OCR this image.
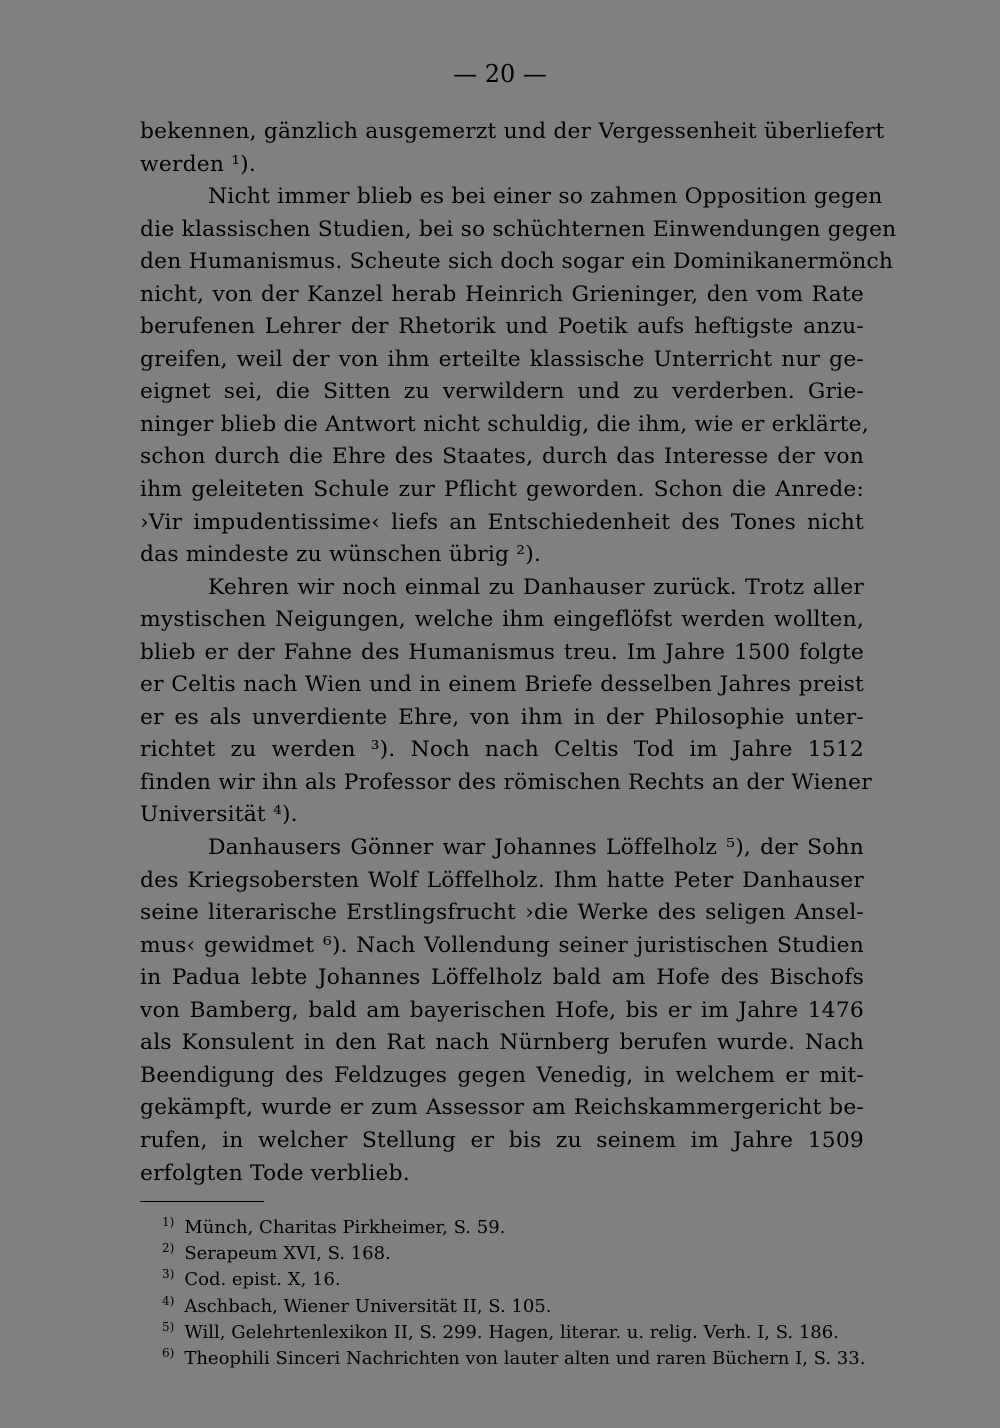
— 20 —
bekennen, gänzlich ausgemerzt und der Vergessenheit überliefert
werden ¹).
Nicht immer blieb es bei einer so zahmen Opposition gegen
die klassischen Studien, bei so schüchternen Einwendungen gegen
den Humanismus. Scheute sich doch sogar ein Dominikanermönch
nicht, von der Kanzel herab Heinrich Grieninger, den vom Rate
berufenen Lehrer der Rhetorik und Poetik aufs heftigste anzu-
greifen, weil der von ihm erteilte klassische Unterricht nur ge-
eignet sei, die Sitten zu verwildern und zu verderben. Grie-
ninger blieb die Antwort nicht schuldig, die ihm, wie er erklärte,
schon durch die Ehre des Staates, durch das Interesse der von
ihm geleiteten Schule zur Pflicht geworden. Schon die Anrede:
›Vir impudentissime‹ liefs an Entschiedenheit des Tones nicht
das mindeste zu wünschen übrig ²).
Kehren wir noch einmal zu Danhauser zurück. Trotz aller
mystischen Neigungen, welche ihm eingeflöfst werden wollten,
blieb er der Fahne des Humanismus treu. Im Jahre 1500 folgte
er Celtis nach Wien und in einem Briefe desselben Jahres preist
er es als unverdiente Ehre, von ihm in der Philosophie unter-
richtet zu werden ³). Noch nach Celtis Tod im Jahre 1512
finden wir ihn als Professor des römischen Rechts an der Wiener
Universität ⁴).
Danhausers Gönner war Johannes Löffelholz ⁵), der Sohn
des Kriegsobersten Wolf Löffelholz. Ihm hatte Peter Danhauser
seine literarische Erstlingsfrucht ›die Werke des seligen Ansel-
mus‹ gewidmet ⁶). Nach Vollendung seiner juristischen Studien
in Padua lebte Johannes Löffelholz bald am Hofe des Bischofs
von Bamberg, bald am bayerischen Hofe, bis er im Jahre 1476
als Konsulent in den Rat nach Nürnberg berufen wurde. Nach
Beendigung des Feldzuges gegen Venedig, in welchem er mit-
gekämpft, wurde er zum Assessor am Reichskammergericht be-
rufen, in welcher Stellung er bis zu seinem im Jahre 1509
erfolgten Tode verblieb.
$^{1)}$ Münch, Charitas Pirkheimer, S. 59.
$^{2)}$ Serapeum XVI, S. 168.
$^{3)}$ Cod. epist. X, 16.
$^{4)}$ Aschbach, Wiener Universität II, S. 105.
$^{5)}$ Will, Gelehrtenlexikon II, S. 299. Hagen, literar. u. relig. Verh. I, S. 186.
$^{6)}$ Theophili Sinceri Nachrichten von lauter alten und raren Büchern I, S. 33.
